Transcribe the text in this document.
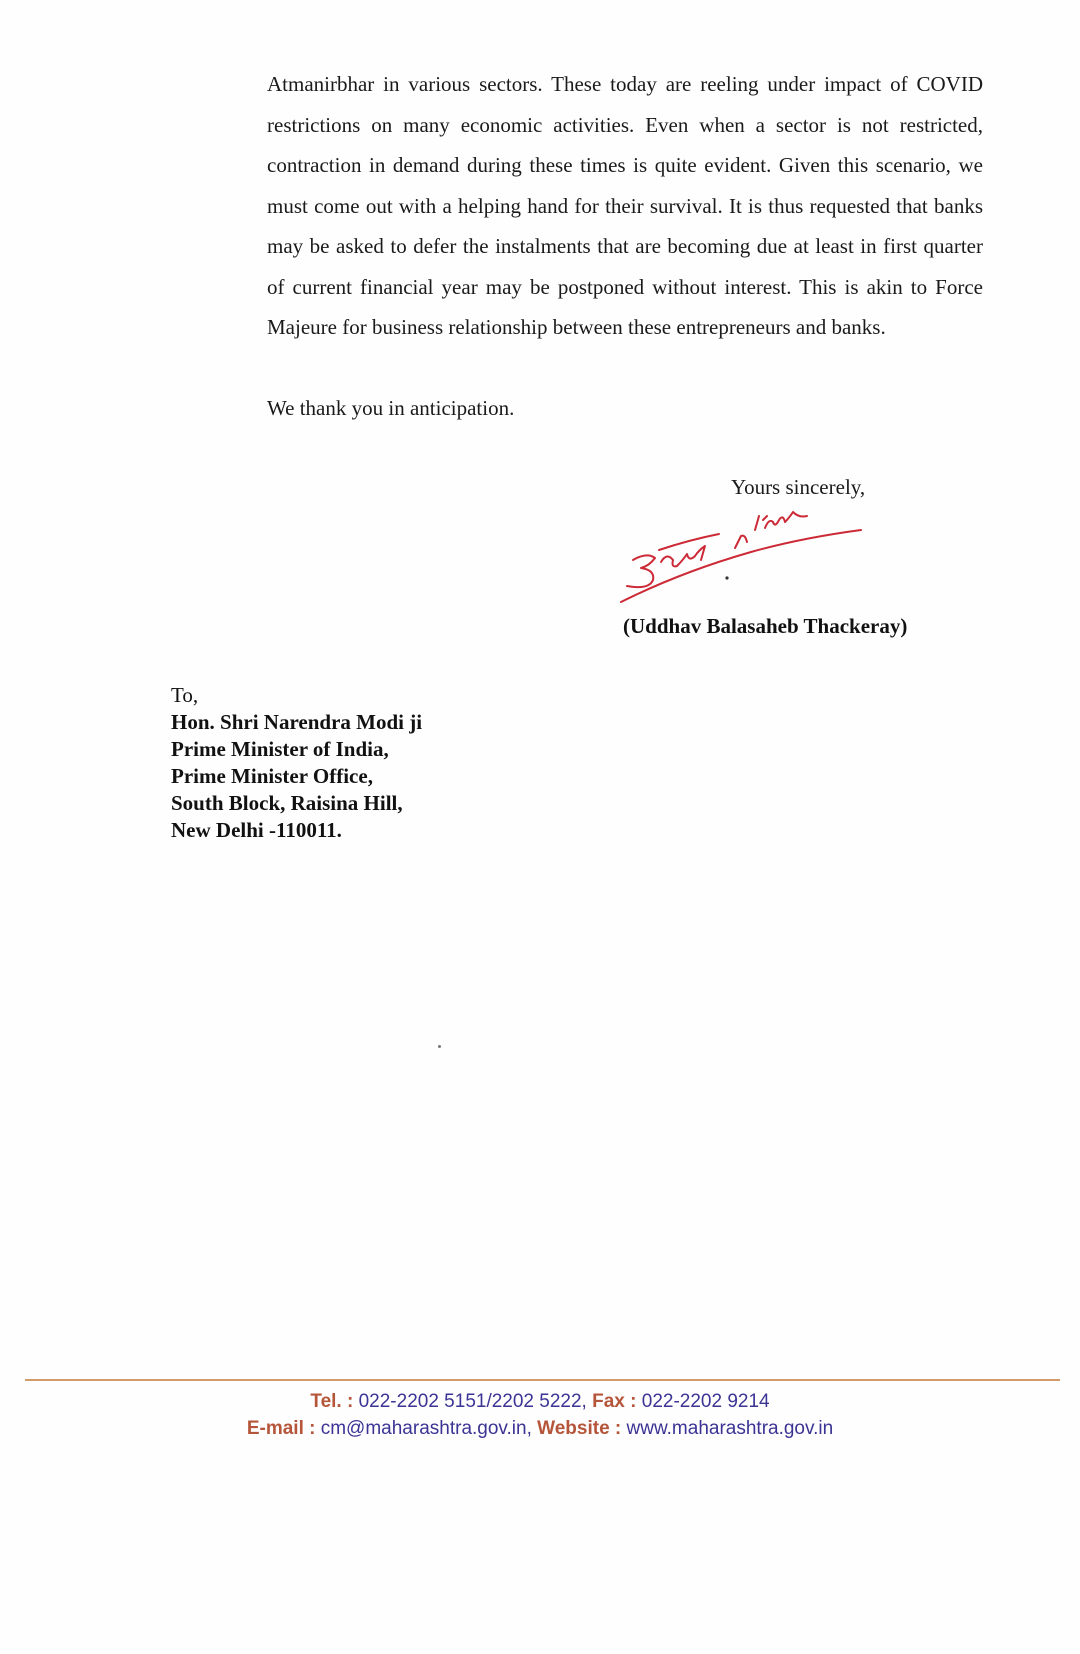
Atmanirbhar in various sectors. These today are reeling under impact of COVID restrictions on many economic activities. Even when a sector is not restricted, contraction in demand during these times is quite evident. Given this scenario, we must come out with a helping hand for their survival. It is thus requested that banks may be asked to defer the instalments that are becoming due at least in first quarter of current financial year may be postponed without interest. This is akin to Force Majeure for business relationship between these entrepreneurs and banks.

We thank you in anticipation.
Yours sincerely,
(Uddhav Balasaheb Thackeray)
To,
Hon. Shri Narendra Modi ji
Prime Minister of India,
Prime Minister Office,
South Block, Raisina Hill,
New Delhi -110011.
Tel. : 022-2202 5151/2202 5222, Fax : 022-2202 9214
E-mail : cm@maharashtra.gov.in, Website : www.maharashtra.gov.in
